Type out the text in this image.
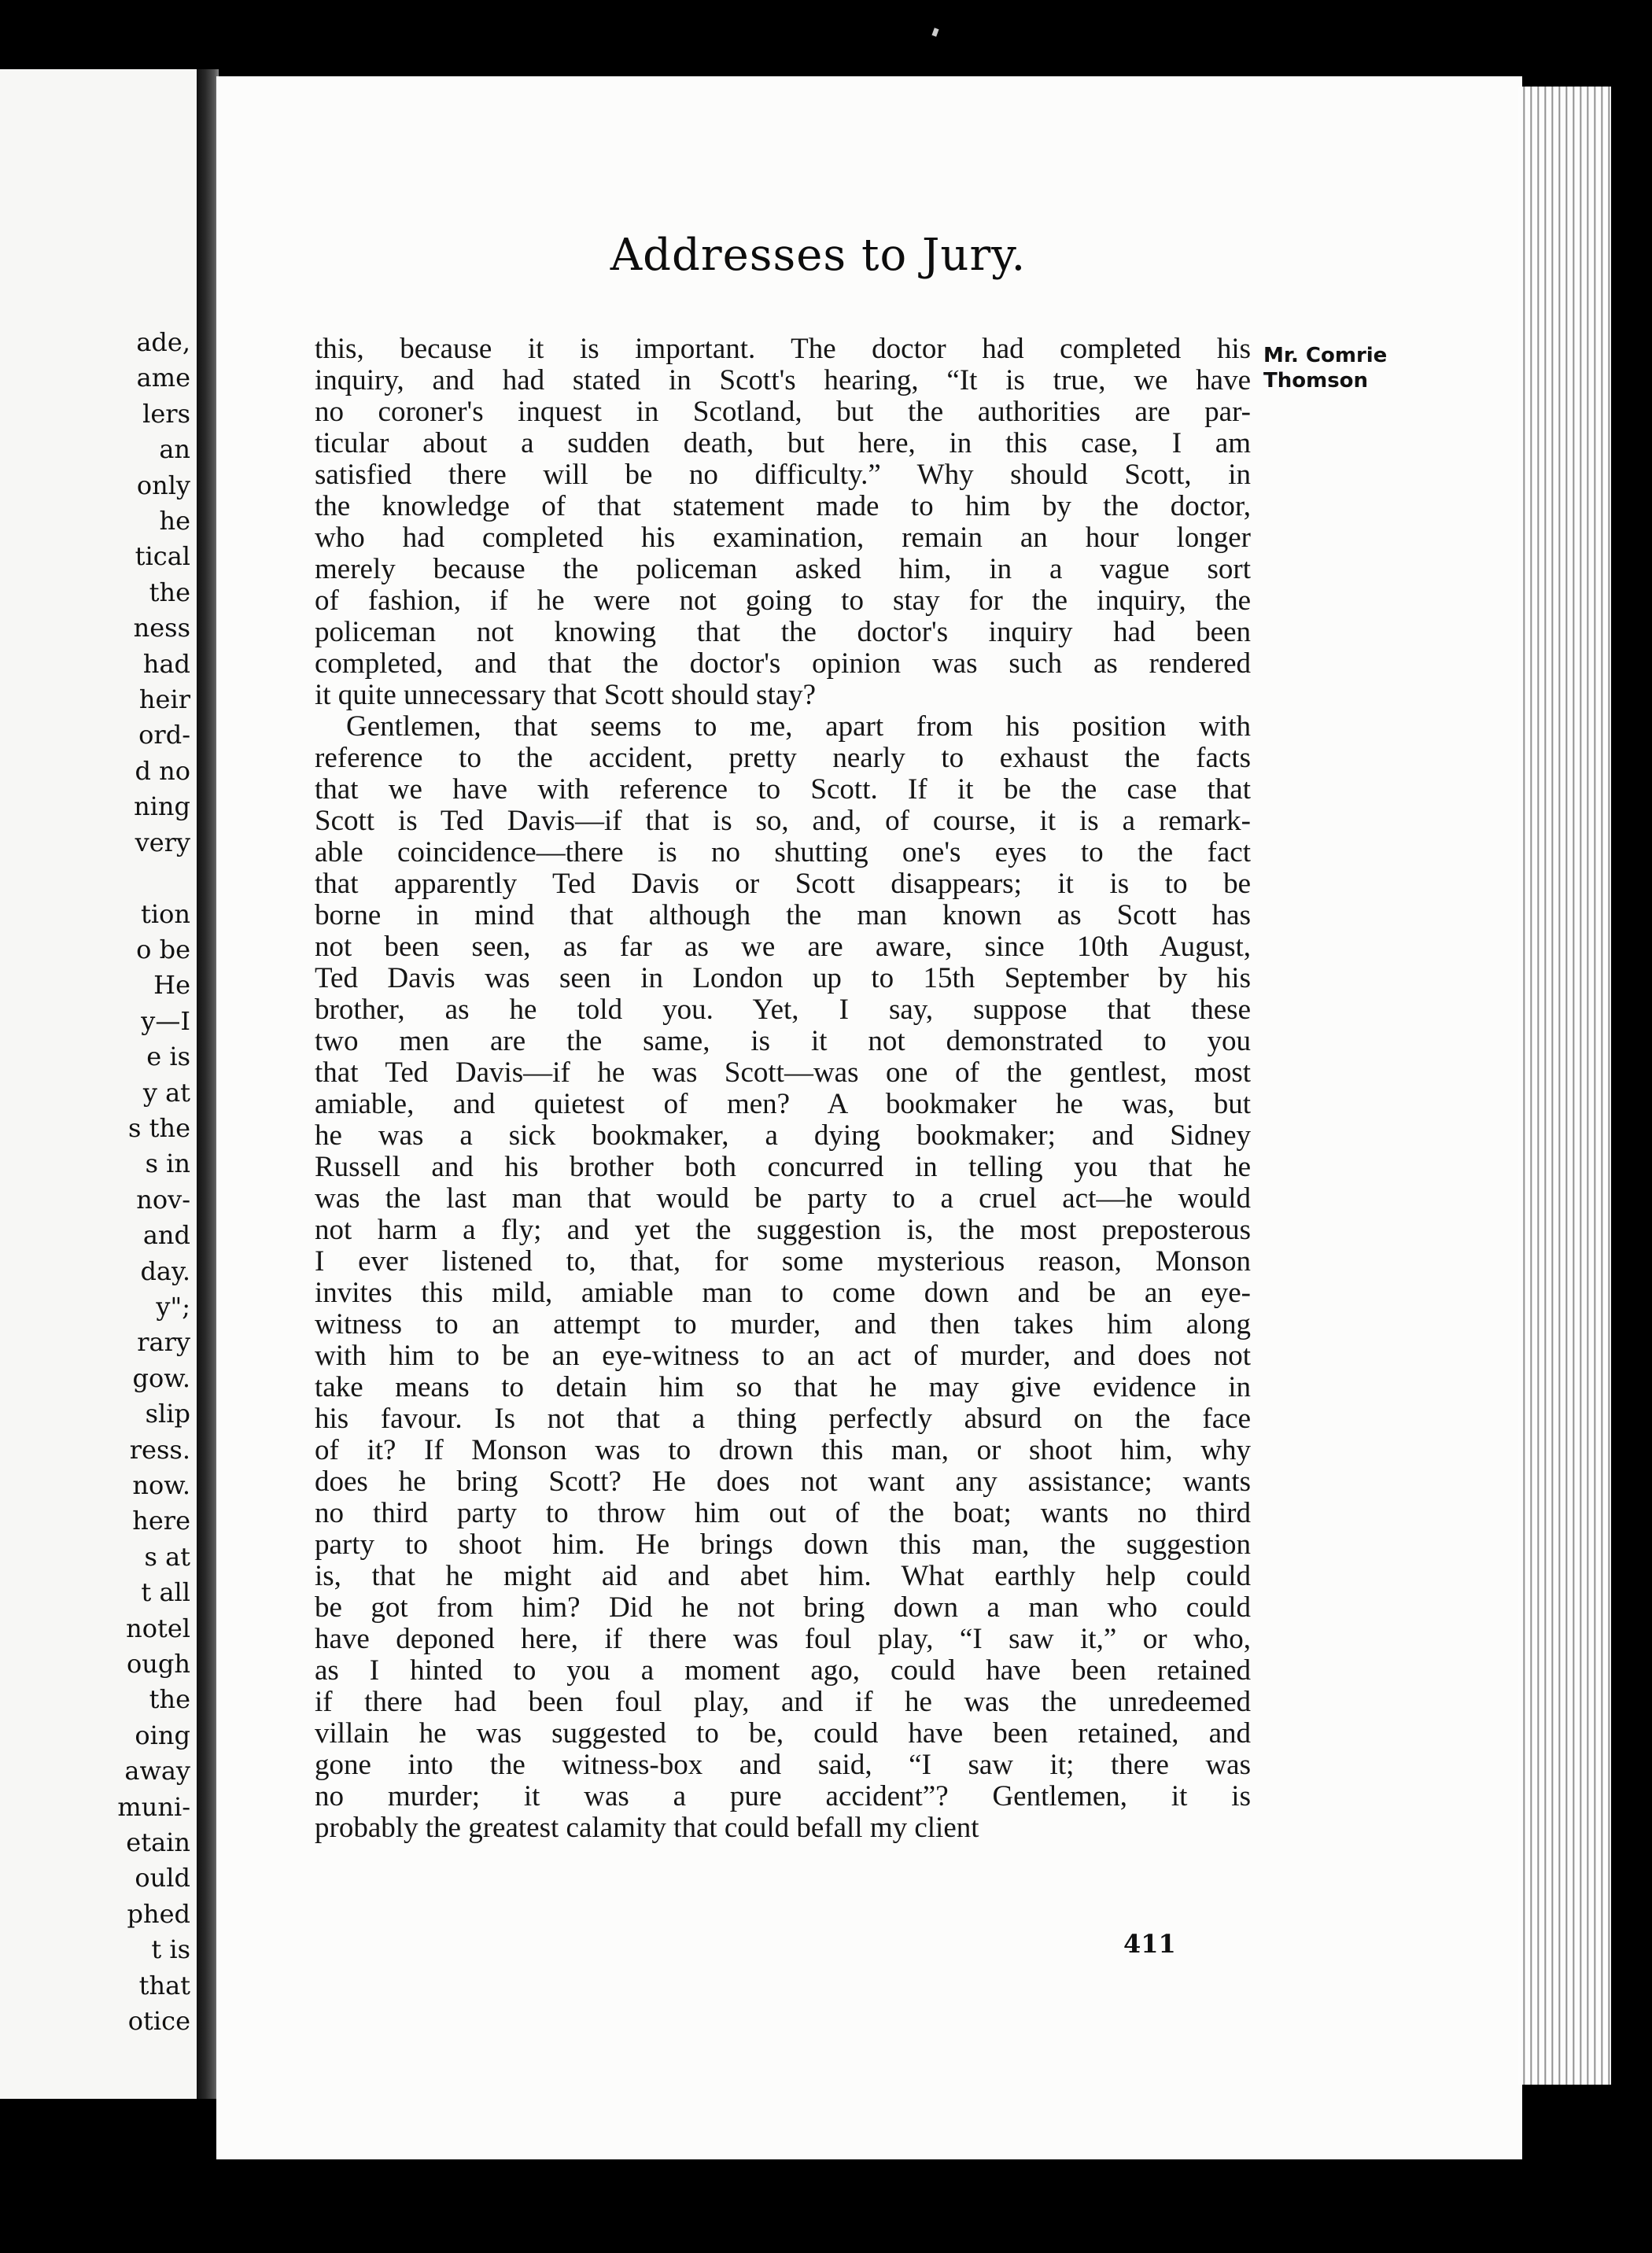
ade,
ame
lers
an
only
he
tical
the
ness
had
heir
ord-
d no
ning
very

tion
o be
He
y—I
e is
y at
s the
s in
nov-
and
day.
y";
rary
gow.
slip
ress.
now.
here
s at
t all
notel
ough
the
oing
away
muni-
etain
ould
phed
t is
that
otice
Addresses to Jury.
Mr. Comrie
Thomson
this, because it is important. The doctor had completed his
inquiry, and had stated in Scott's hearing, “It is true, we have
no coroner's inquest in Scotland, but the authorities are par-
ticular about a sudden death, but here, in this case, I am
satisfied there will be no difficulty.” Why should Scott, in
the knowledge of that statement made to him by the doctor,
who had completed his examination, remain an hour longer
merely because the policeman asked him, in a vague sort
of fashion, if he were not going to stay for the inquiry, the
policeman not knowing that the doctor's inquiry had been
completed, and that the doctor's opinion was such as rendered
it quite unnecessary that Scott should stay?
Gentlemen, that seems to me, apart from his position with
reference to the accident, pretty nearly to exhaust the facts
that we have with reference to Scott. If it be the case that
Scott is Ted Davis—if that is so, and, of course, it is a remark-
able coincidence—there is no shutting one's eyes to the fact
that apparently Ted Davis or Scott disappears; it is to be
borne in mind that although the man known as Scott has
not been seen, as far as we are aware, since 10th August,
Ted Davis was seen in London up to 15th September by his
brother, as he told you. Yet, I say, suppose that these
two men are the same, is it not demonstrated to you
that Ted Davis—if he was Scott—was one of the gentlest, most
amiable, and quietest of men? A bookmaker he was, but
he was a sick bookmaker, a dying bookmaker; and Sidney
Russell and his brother both concurred in telling you that he
was the last man that would be party to a cruel act—he would
not harm a fly; and yet the suggestion is, the most preposterous
I ever listened to, that, for some mysterious reason, Monson
invites this mild, amiable man to come down and be an eye-
witness to an attempt to murder, and then takes him along
with him to be an eye-witness to an act of murder, and does not
take means to detain him so that he may give evidence in
his favour. Is not that a thing perfectly absurd on the face
of it? If Monson was to drown this man, or shoot him, why
does he bring Scott? He does not want any assistance; wants
no third party to throw him out of the boat; wants no third
party to shoot him. He brings down this man, the suggestion
is, that he might aid and abet him. What earthly help could
be got from him? Did he not bring down a man who could
have deponed here, if there was foul play, “I saw it,” or who,
as I hinted to you a moment ago, could have been retained
if there had been foul play, and if he was the unredeemed
villain he was suggested to be, could have been retained, and
gone into the witness-box and said, “I saw it; there was
no murder; it was a pure accident”? Gentlemen, it is
probably the greatest calamity that could befall my client
411
